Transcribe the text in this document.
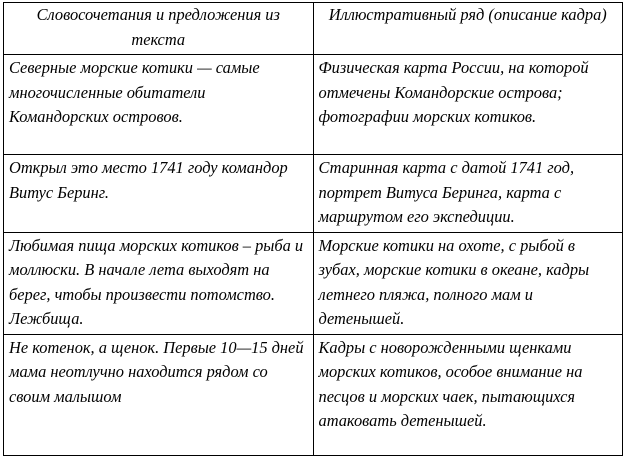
Словосочетания и предложения из текста	Иллюстративный ряд (описание кадра)

Северные морские котики — самые многочисленные обитатели Командорских островов.	Физическая карта России, на которой отмечены Командорские острова; фотографии морских котиков.

Открыл это место 1741 году командор Витус Беринг.	Старинная карта с датой 1741 год, портрет Витуса Беринга, карта с маршрутом его экспедиции.

Любимая пища морских котиков – рыба и моллюски. В начале лета выходят на берег, чтобы произвести потомство. Лежбища.	Морские котики на охоте, с рыбой в зубах, морские котики в океане, кадры летнего пляжа, полного мам и детенышей.

Не котенок, а щенок. Первые 10—15 дней мама неотлучно находится рядом со своим малышом	Кадры с новорожденными щенками морских котиков, особое внимание на песцов и морских чаек, пытающихся атаковать детенышей.
